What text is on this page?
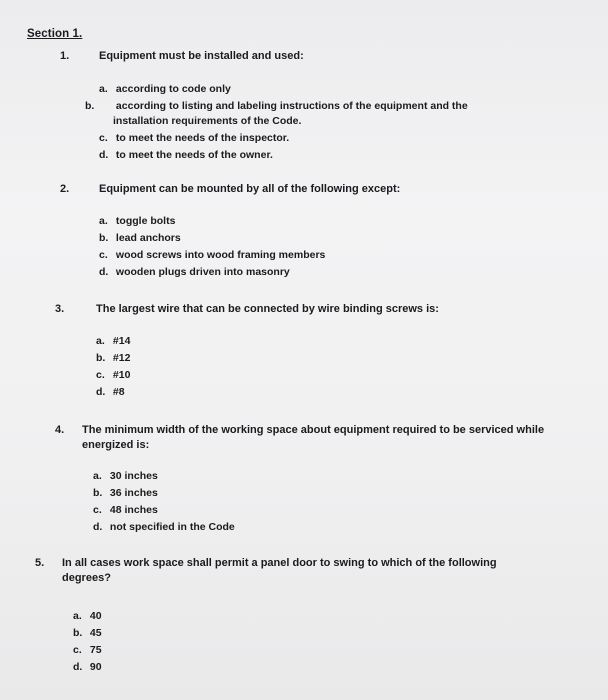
Section 1.
1.	Equipment must be installed and used:
a. according to code only
b. according to listing and labeling instructions of the equipment and the installation requirements of the Code.
c. to meet the needs of the inspector.
d. to meet the needs of the owner.
2.	Equipment can be mounted by all of the following except:
a. toggle bolts
b. lead anchors
c. wood screws into wood framing members
d. wooden plugs driven into masonry
3.	The largest wire that can be connected by wire binding screws is:
a. #14
b. #12
c. #10
d. #8
4. The minimum width of the working space about equipment required to be serviced while energized is:
a. 30 inches
b. 36 inches
c. 48 inches
d. not specified in the Code
5. In all cases work space shall permit a panel door to swing to which of the following degrees?
a. 40
b. 45
c. 75
d. 90
